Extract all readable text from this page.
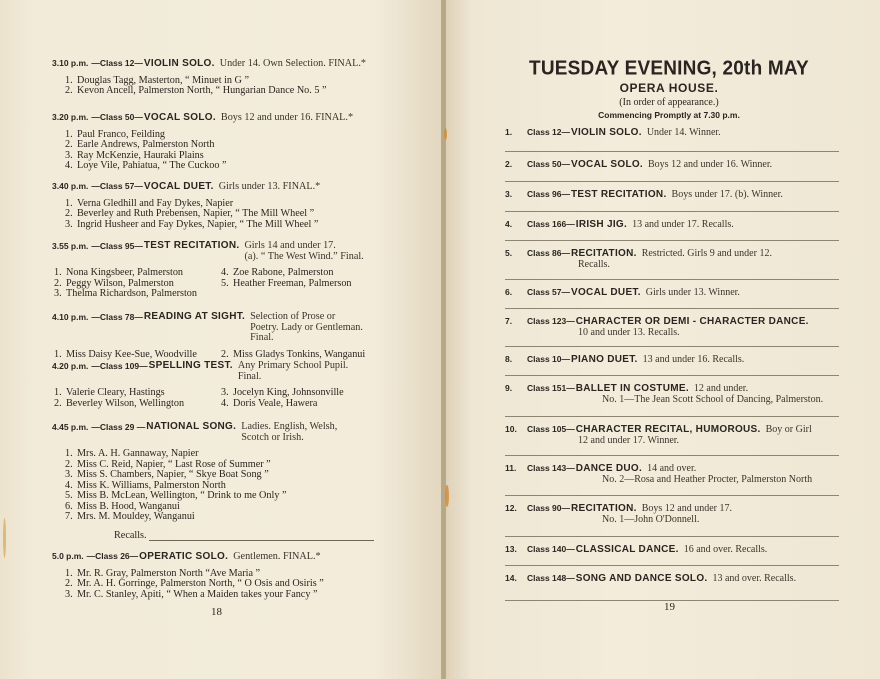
3.10 p.m. —Class 12— VIOLIN SOLO. Under 14. Own Selection. FINAL.*
1. Douglas Tagg, Masterton, “ Minuet in G ”
2. Kevon Ancell, Palmerston North, “ Hungarian Dance No. 5 ”
3.20 p.m. —Class 50— VOCAL SOLO. Boys 12 and under 16. FINAL.*
1. Paul Franco, Feilding
2. Earle Andrews, Palmerston North
3. Ray McKenzie, Hauraki Plains
4. Loye Vile, Pahiatua, “ The Cuckoo ”
3.40 p.m. —Class 57— VOCAL DUET. Girls under 13. FINAL.*
1. Verna Gledhill and Fay Dykes, Napier
2. Beverley and Ruth Prebensen, Napier, “ The Mill Wheel ”
3. Ingrid Husheer and Fay Dykes, Napier, “ The Mill Wheel ”
3.55 p.m. —Class 95— TEST RECITATION. Girls 14 and under 17.
(a). “ The West Wind.” Final.
1. Nona Kingsbeer, Palmerston
2. Peggy Wilson, Palmerston
3. Thelma Richardson, Palmerston
4. Zoe Rabone, Palmerston
5. Heather Freeman, Palmerson
4.10 p.m. —Class 78— READING AT SIGHT. Selection of Prose or
Poetry. Lady or Gentleman. Final.
1. Miss Daisy Kee-Sue, Woodville 2. Miss Gladys Tonkins, Wanganui
4.20 p.m. —Class 109— SPELLING TEST. Any Primary School Pupil.
Final.
1. Valerie Cleary, Hastings
2. Beverley Wilson, Wellington
3. Jocelyn King, Johnsonville
4. Doris Veale, Hawera
4.45 p.m. —Class 29 — NATIONAL SONG. Ladies. English, Welsh,
Scotch or Irish.
1. Mrs. A. H. Gannaway, Napier
2. Miss C. Reid, Napier, “ Last Rose of Summer ”
3. Miss S. Chambers, Napier, “ Skye Boat Song ”
4. Miss K. Williams, Palmerston North
5. Miss B. McLean, Wellington, “ Drink to me Only ”
6. Miss B. Hood, Wanganui
7. Mrs. M. Mouldey, Wanganui
5.0 p.m. —Class 26— OPERATIC SOLO. Gentlemen. FINAL.*
1. Mr. R. Gray, Palmerston North “Ave Maria ”
2. Mr. A. H. Gorringe, Palmerston North, “ O Osis and Osiris ”
3. Mr. C. Stanley, Apiti, “ When a Maiden takes your Fancy ”
Recalls.
18
TUESDAY EVENING, 20th MAY
OPERA HOUSE.
(In order of appearance.)
Commencing Promptly at 7.30 p.m.
1.	Class 12— VIOLIN SOLO. Under 14. Winner.
2.	Class 50— VOCAL SOLO. Boys 12 and under 16. Winner.
3.	Class 96— TEST RECITATION. Boys under 17. (b). Winner.
4.	Class 166— IRISH JIG. 13 and under 17. Recalls.
5.	Class 86— RECITATION. Restricted. Girls 9 and under 12.
Recalls.
6.	Class 57— VOCAL DUET. Girls under 13. Winner.
7.	Class 123— CHARACTER OR DEMI - CHARACTER DANCE.
10 and under 13. Recalls.
8.	Class 10— PIANO DUET. 13 and under 16. Recalls.
9.	Class 151— BALLET IN COSTUME. 12 and under.
No. 1—The Jean Scott School of Dancing, Palmerston.
10.	Class 105— CHARACTER RECITAL, HUMOROUS. Boy or Girl
12 and under 17. Winner.
11.	Class 143— DANCE DUO. 14 and over.
No. 2—Rosa and Heather Procter, Palmerston North
12.	Class 90— RECITATION. Boys 12 and under 17.
No. 1—John O'Donnell.
13.	Class 140— CLASSICAL DANCE. 16 and over. Recalls.
14.	Class 148— SONG AND DANCE SOLO. 13 and over. Recalls.
19
